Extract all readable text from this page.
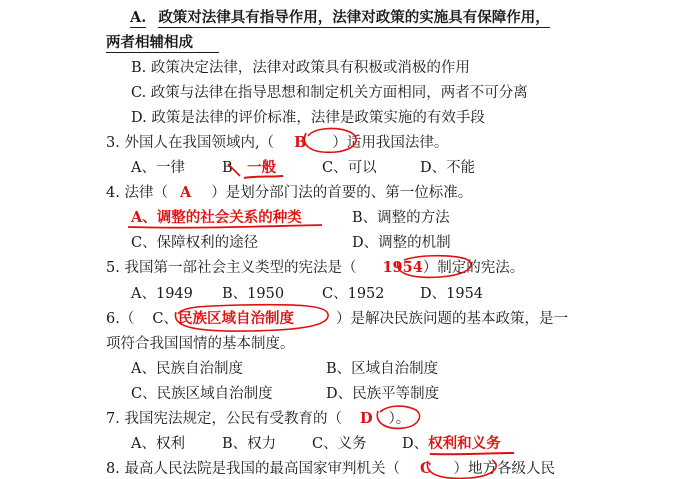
A. 政策对法律具有指导作用，法律对政策的实施具有保障作用，
两者相辅相成
B. 政策决定法律，法律对政策具有积极或消极的作用
C. 政策与法律在指导思想和制定机关方面相同，两者不可分离
D. 政策是法律的评价标准，法律是政策实施的有效手段
3. 外国人在我国领域内,（ B ）适用我国法律。
A、一律	B、一般	C、可以	D、不能
4. 法律（ A ）是划分部门法的首要的、第一位标准。
A、调整的社会关系的种类	B、调整的方法
C、保障权利的途径	D、调整的机制
5. 我国第一部社会主义类型的宪法是（ 1954）制定的宪法。
A、1949 B、1950	C、1952 D、1954
6.（ C、民族区域自治制度	）是解决民族问题的基本政策，是一
项符合我国国情的基本制度。
A、民族自治制度	B、区域自治制度
C、民族区域自治制度	D、民族平等制度
7. 我国宪法规定，公民有受教育的（ D ）。
A、权利	B、权力 C、义务 D、权利和义务
8. 最高人民法院是我国的最高国家审判机关（ C ）地方各级人民
